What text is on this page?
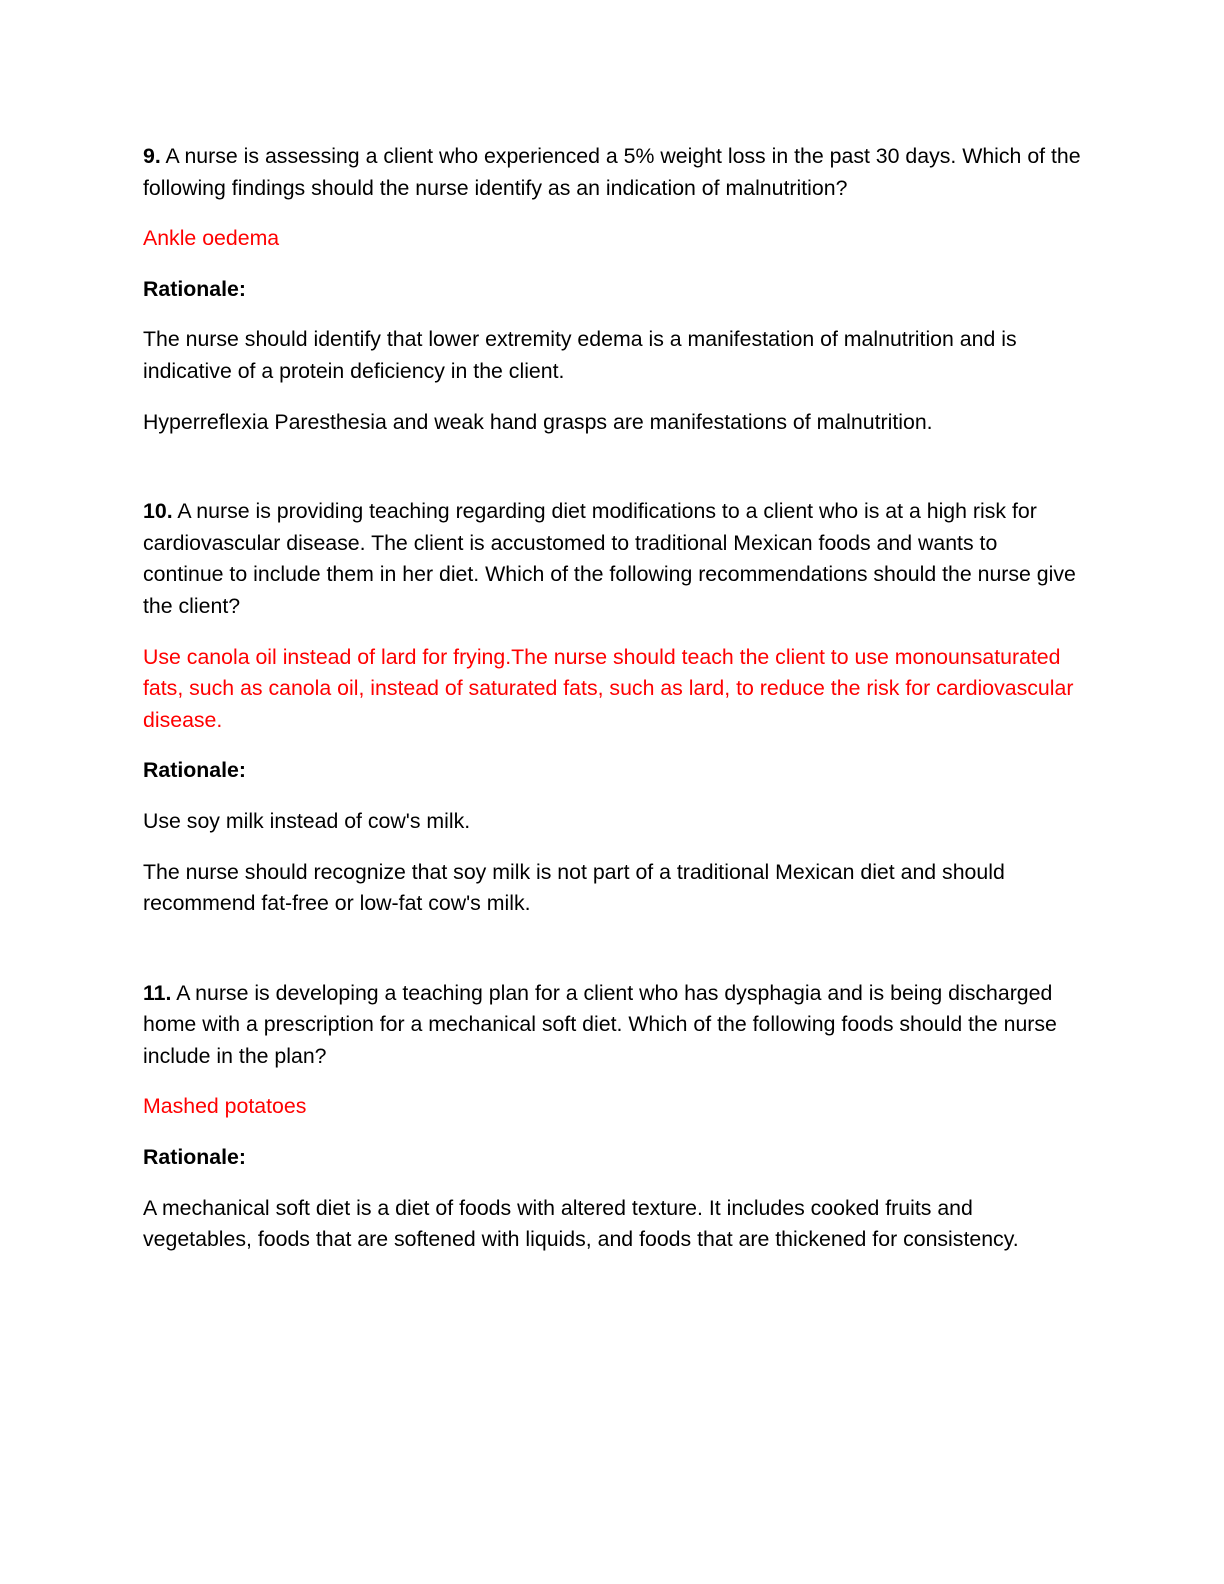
9. A nurse is assessing a client who experienced a 5% weight loss in the past 30 days. Which of the following findings should the nurse identify as an indication of malnutrition?

Ankle oedema

Rationale:

The nurse should identify that lower extremity edema is a manifestation of malnutrition and is indicative of a protein deficiency in the client.

Hyperreflexia Paresthesia and weak hand grasps are manifestations of malnutrition.

10. A nurse is providing teaching regarding diet modifications to a client who is at a high risk for cardiovascular disease. The client is accustomed to traditional Mexican foods and wants to continue to include them in her diet. Which of the following recommendations should the nurse give the client?

Use canola oil instead of lard for frying.The nurse should teach the client to use monounsaturated fats, such as canola oil, instead of saturated fats, such as lard, to reduce the risk for cardiovascular disease.

Rationale:

Use soy milk instead of cow's milk.

The nurse should recognize that soy milk is not part of a traditional Mexican diet and should recommend fat-free or low-fat cow's milk.

11. A nurse is developing a teaching plan for a client who has dysphagia and is being discharged home with a prescription for a mechanical soft diet. Which of the following foods should the nurse include in the plan?

Mashed potatoes

Rationale:

A mechanical soft diet is a diet of foods with altered texture. It includes cooked fruits and vegetables, foods that are softened with liquids, and foods that are thickened for consistency.
